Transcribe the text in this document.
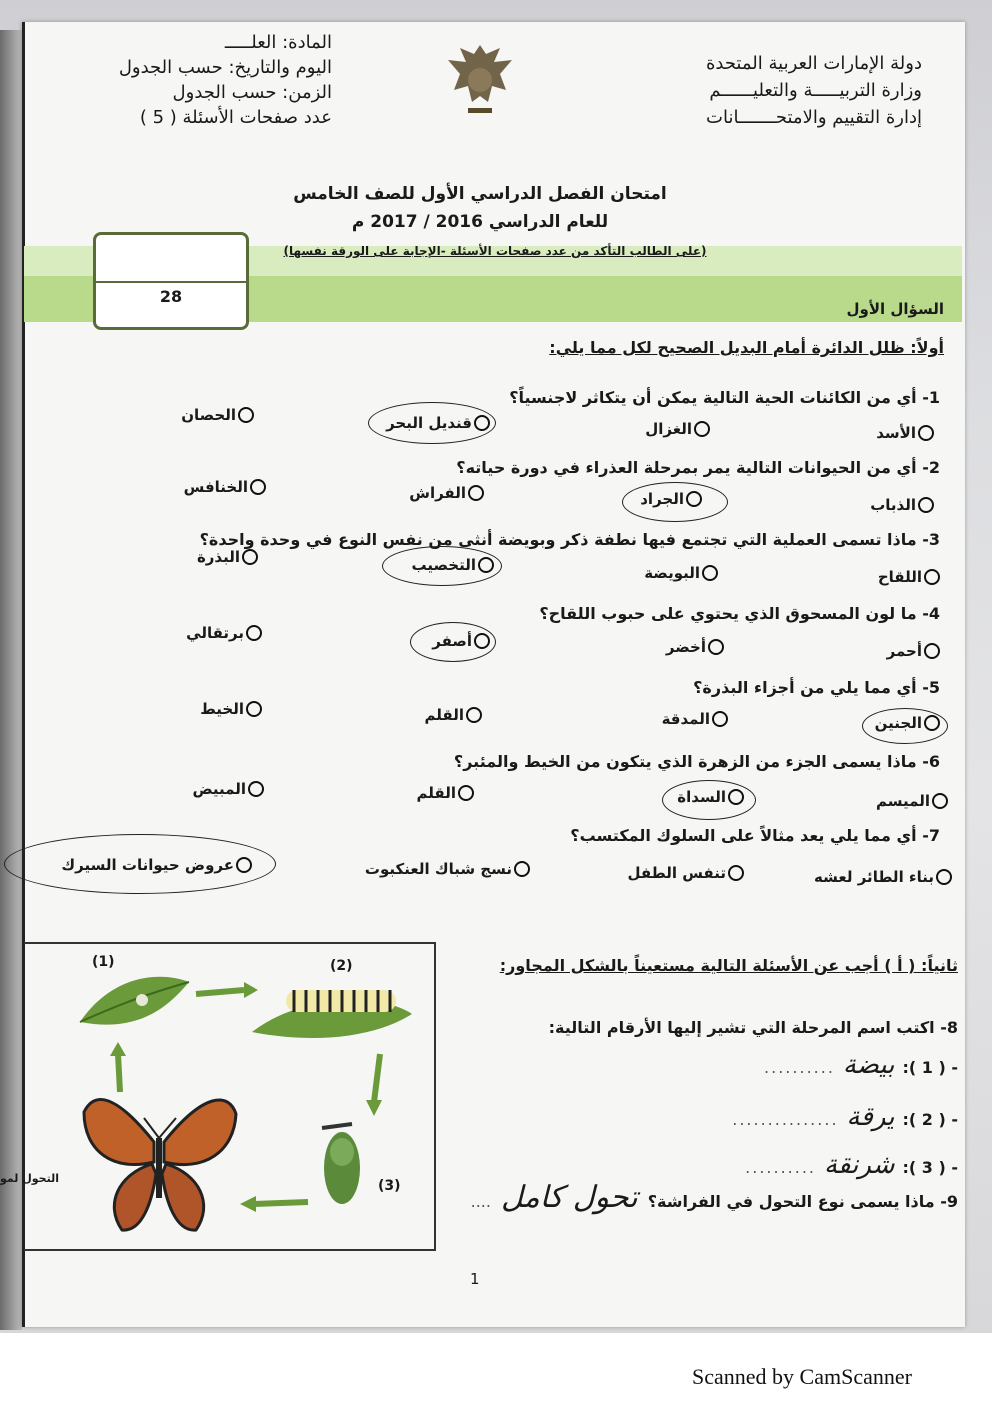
دولة الإمارات العربية المتحدة
وزارة التربيـــــة والتعليــــــم
إدارة التقييم والامتحـــــــانات
المادة: العلـــــ
اليوم والتاريخ: حسب الجدول
الزمن: حسب الجدول
عدد صفحات الأسئلة ( 5 )
امتحان الفصل الدراسي الأول للصف الخامس
للعام الدراسي 2016 / 2017 م
(على الطالب التأكد من عدد صفحات الأسئلة -الإجابة على الورقة نفسها)
28
السؤال الأول
أولاً: ظلل الدائرة أمام البديل الصحيح لكل مما يلي:
1- أي من الكائنات الحية التالية يمكن أن يتكاثر لاجنسياً؟
الأسد
الغزال
قنديل البحر
الحصان
2- أي من الحيوانات التالية يمر بمرحلة العذراء في دورة حياته؟
الذباب
الجراد
الفراش
الخنافس
3- ماذا تسمى العملية التي تجتمع فيها نطفة ذكر وبويضة أنثى من نفس النوع في وحدة واحدة؟
اللقاح
البويضة
التخصيب
البذرة
4- ما لون المسحوق الذي يحتوي على حبوب اللقاح؟
أحمر
أخضر
أصفر
برتقالي
5- أي مما يلي من أجزاء البذرة؟
الجنين
المدقة
القلم
الخيط
6- ماذا يسمى الجزء من الزهرة الذي يتكون من الخيط والمئبر؟
الميسم
السداة
القلم
المبيض
7- أي مما يلي يعد مثالاً على السلوك المكتسب؟
بناء الطائر لعشه
تنفس الطفل
نسج شباك العنكبوت
عروض حيوانات السيرك
ثانياً: ( أ ) أجب عن الأسئلة التالية مستعيناً بالشكل المجاور:
8- اكتب اسم المرحلة التي تشير إليها الأرقام التالية:
- ( 1 ):
بيضة
..........
- ( 2 ):
يرقة
...............
- ( 3 ):
شرنقة
..........
9- ماذا يسمى نوع التحول في الفراشة؟
تحول كامل
....
(1)	(2)
(3)
التحول لمو
1
Scanned by CamScanner
